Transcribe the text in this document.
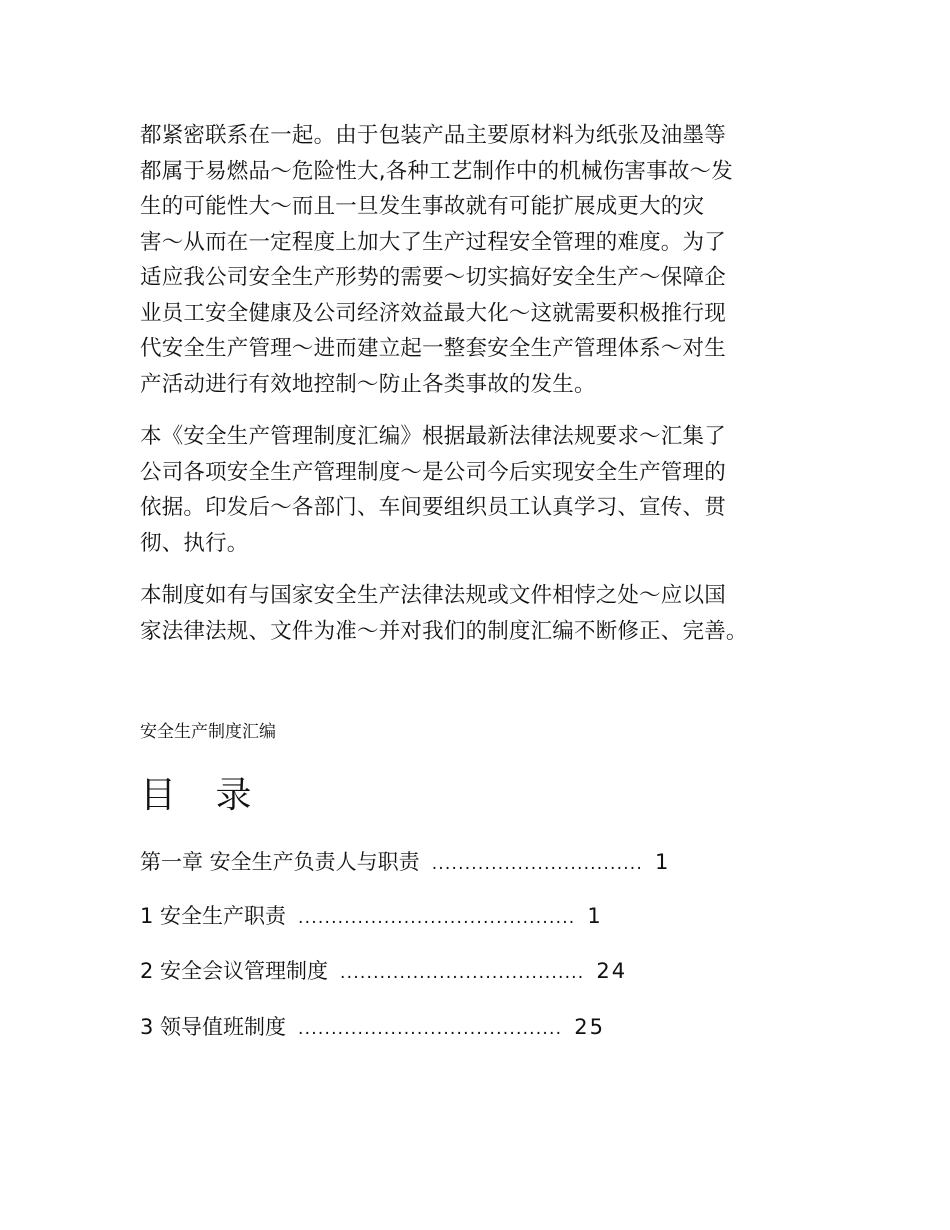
都紧密联系在一起。由于包装产品主要原材料为纸张及油墨等
都属于易燃品～危险性大,各种工艺制作中的机械伤害事故～发
生的可能性大～而且一旦发生事故就有可能扩展成更大的灾
害～从而在一定程度上加大了生产过程安全管理的难度。为了
适应我公司安全生产形势的需要～切实搞好安全生产～保障企
业员工安全健康及公司经济效益最大化～这就需要积极推行现
代安全生产管理～进而建立起一整套安全生产管理体系～对生
产活动进行有效地控制～防止各类事故的发生。
本《安全生产管理制度汇编》根据最新法律法规要求～汇集了
公司各项安全生产管理制度～是公司今后实现安全生产管理的
依据。印发后～各部门、车间要组织员工认真学习、宣传、贯
彻、执行。
本制度如有与国家安全生产法律法规或文件相悖之处～应以国
家法律法规、文件为准～并对我们的制度汇编不断修正、完善。
安全生产制度汇编
目 录
第一章 安全生产负责人与职责 ................................ 1
1 安全生产职责 .......................................... 1
2 安全会议管理制度 ..................................... 24
3 领导值班制度 ........................................ 25
